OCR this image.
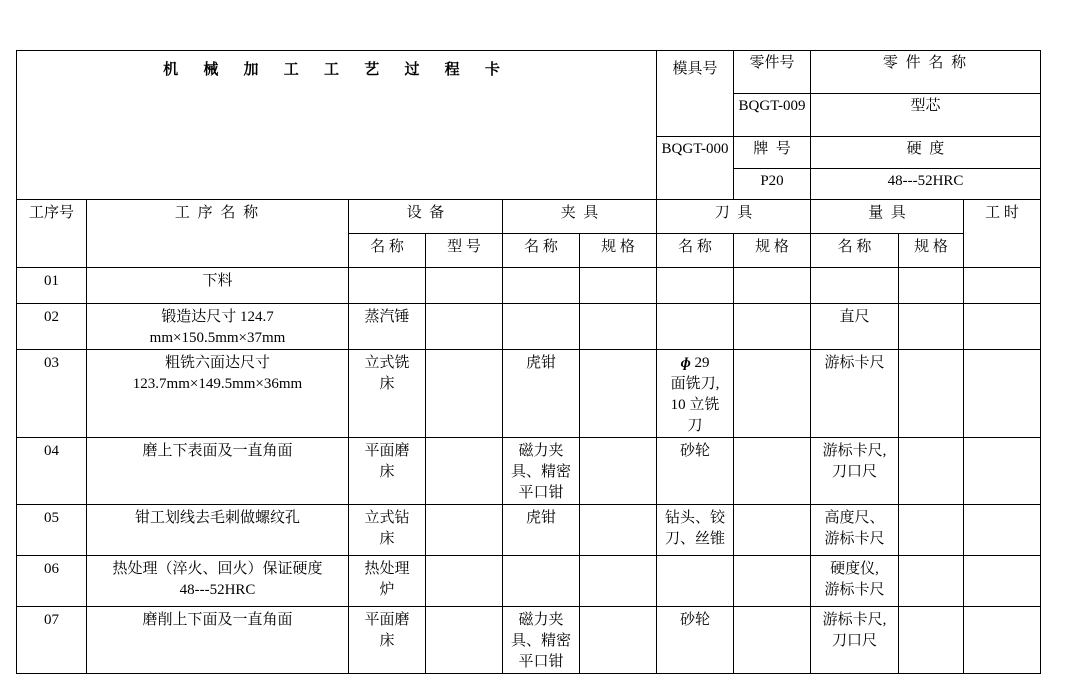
机 械 加 工 工 艺 过 程 卡						模具号	零件号	零 件 名 称		
							BQGT-009	型芯		
						BQGT-000	牌  号	硬  度		
							P20	48---52HRC		
工序号	工 序 名 称	设  备		夹  具		刀  具		量  具		工 时
		名 称	型 号	名 称	规 格	名 称	规 格	名 称	规 格	
01	下料									
02	锻造达尺寸 124.7
mm×150.5mm×37mm	蒸汽锤						直尺		
03	粗铣六面达尺寸
123.7mm×149.5mm×36mm	立式铣
床		虎钳		ɸ 29
面铣刀,
10 立铣
刀		游标卡尺		
04	磨上下表面及一直角面	平面磨
床		磁力夹
具、精密
平口钳		砂轮		游标卡尺,
刀口尺		
05	钳工划线去毛刺做螺纹孔	立式钻
床		虎钳		钻头、铰
刀、丝锥		高度尺、
游标卡尺		
06	热处理（淬火、回火）保证硬度
48---52HRC	热处理
炉						硬度仪,
游标卡尺		
07	磨削上下面及一直角面	平面磨
床		磁力夹
具、精密
平口钳		砂轮		游标卡尺,
刀口尺		
